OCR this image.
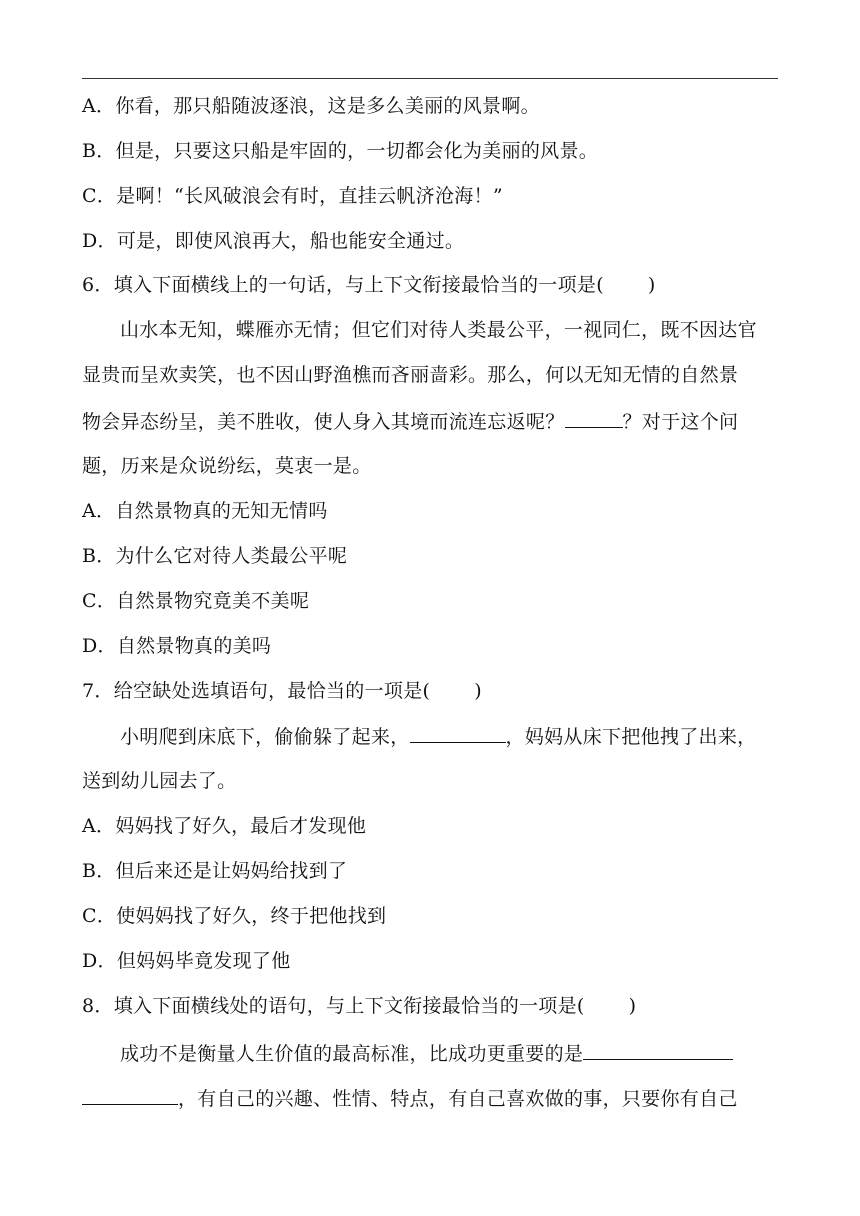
A．你看，那只船随波逐浪，这是多么美丽的风景啊。
B．但是，只要这只船是牢固的，一切都会化为美丽的风景。
C．是啊！“长风破浪会有时，直挂云帆济沧海！”
D．可是，即使风浪再大，船也能安全通过。
6．填入下面横线上的一句话，与上下文衔接最恰当的一项是( )
山水本无知，蝶雁亦无情；但它们对待人类最公平，一视同仁，既不因达官
显贵而呈欢卖笑，也不因山野渔樵而吝丽啬彩。那么，何以无知无情的自然景
物会异态纷呈，美不胜收，使人身入其境而流连忘返呢？	？对于这个问
题，历来是众说纷纭，莫衷一是。
A．自然景物真的无知无情吗
B．为什么它对待人类最公平呢
C．自然景物究竟美不美呢
D．自然景物真的美吗
7．给空缺处选填语句，最恰当的一项是( )
小明爬到床底下，偷偷躲了起来，	，妈妈从床下把他拽了出来，
送到幼儿园去了。
A．妈妈找了好久，最后才发现他
B．但后来还是让妈妈给找到了
C．使妈妈找了好久，终于把他找到
D．但妈妈毕竟发现了他
8．填入下面横线处的语句，与上下文衔接最恰当的一项是( )
成功不是衡量人生价值的最高标准，比成功更重要的是
，有自己的兴趣、性情、特点，有自己喜欢做的事，只要你有自己
